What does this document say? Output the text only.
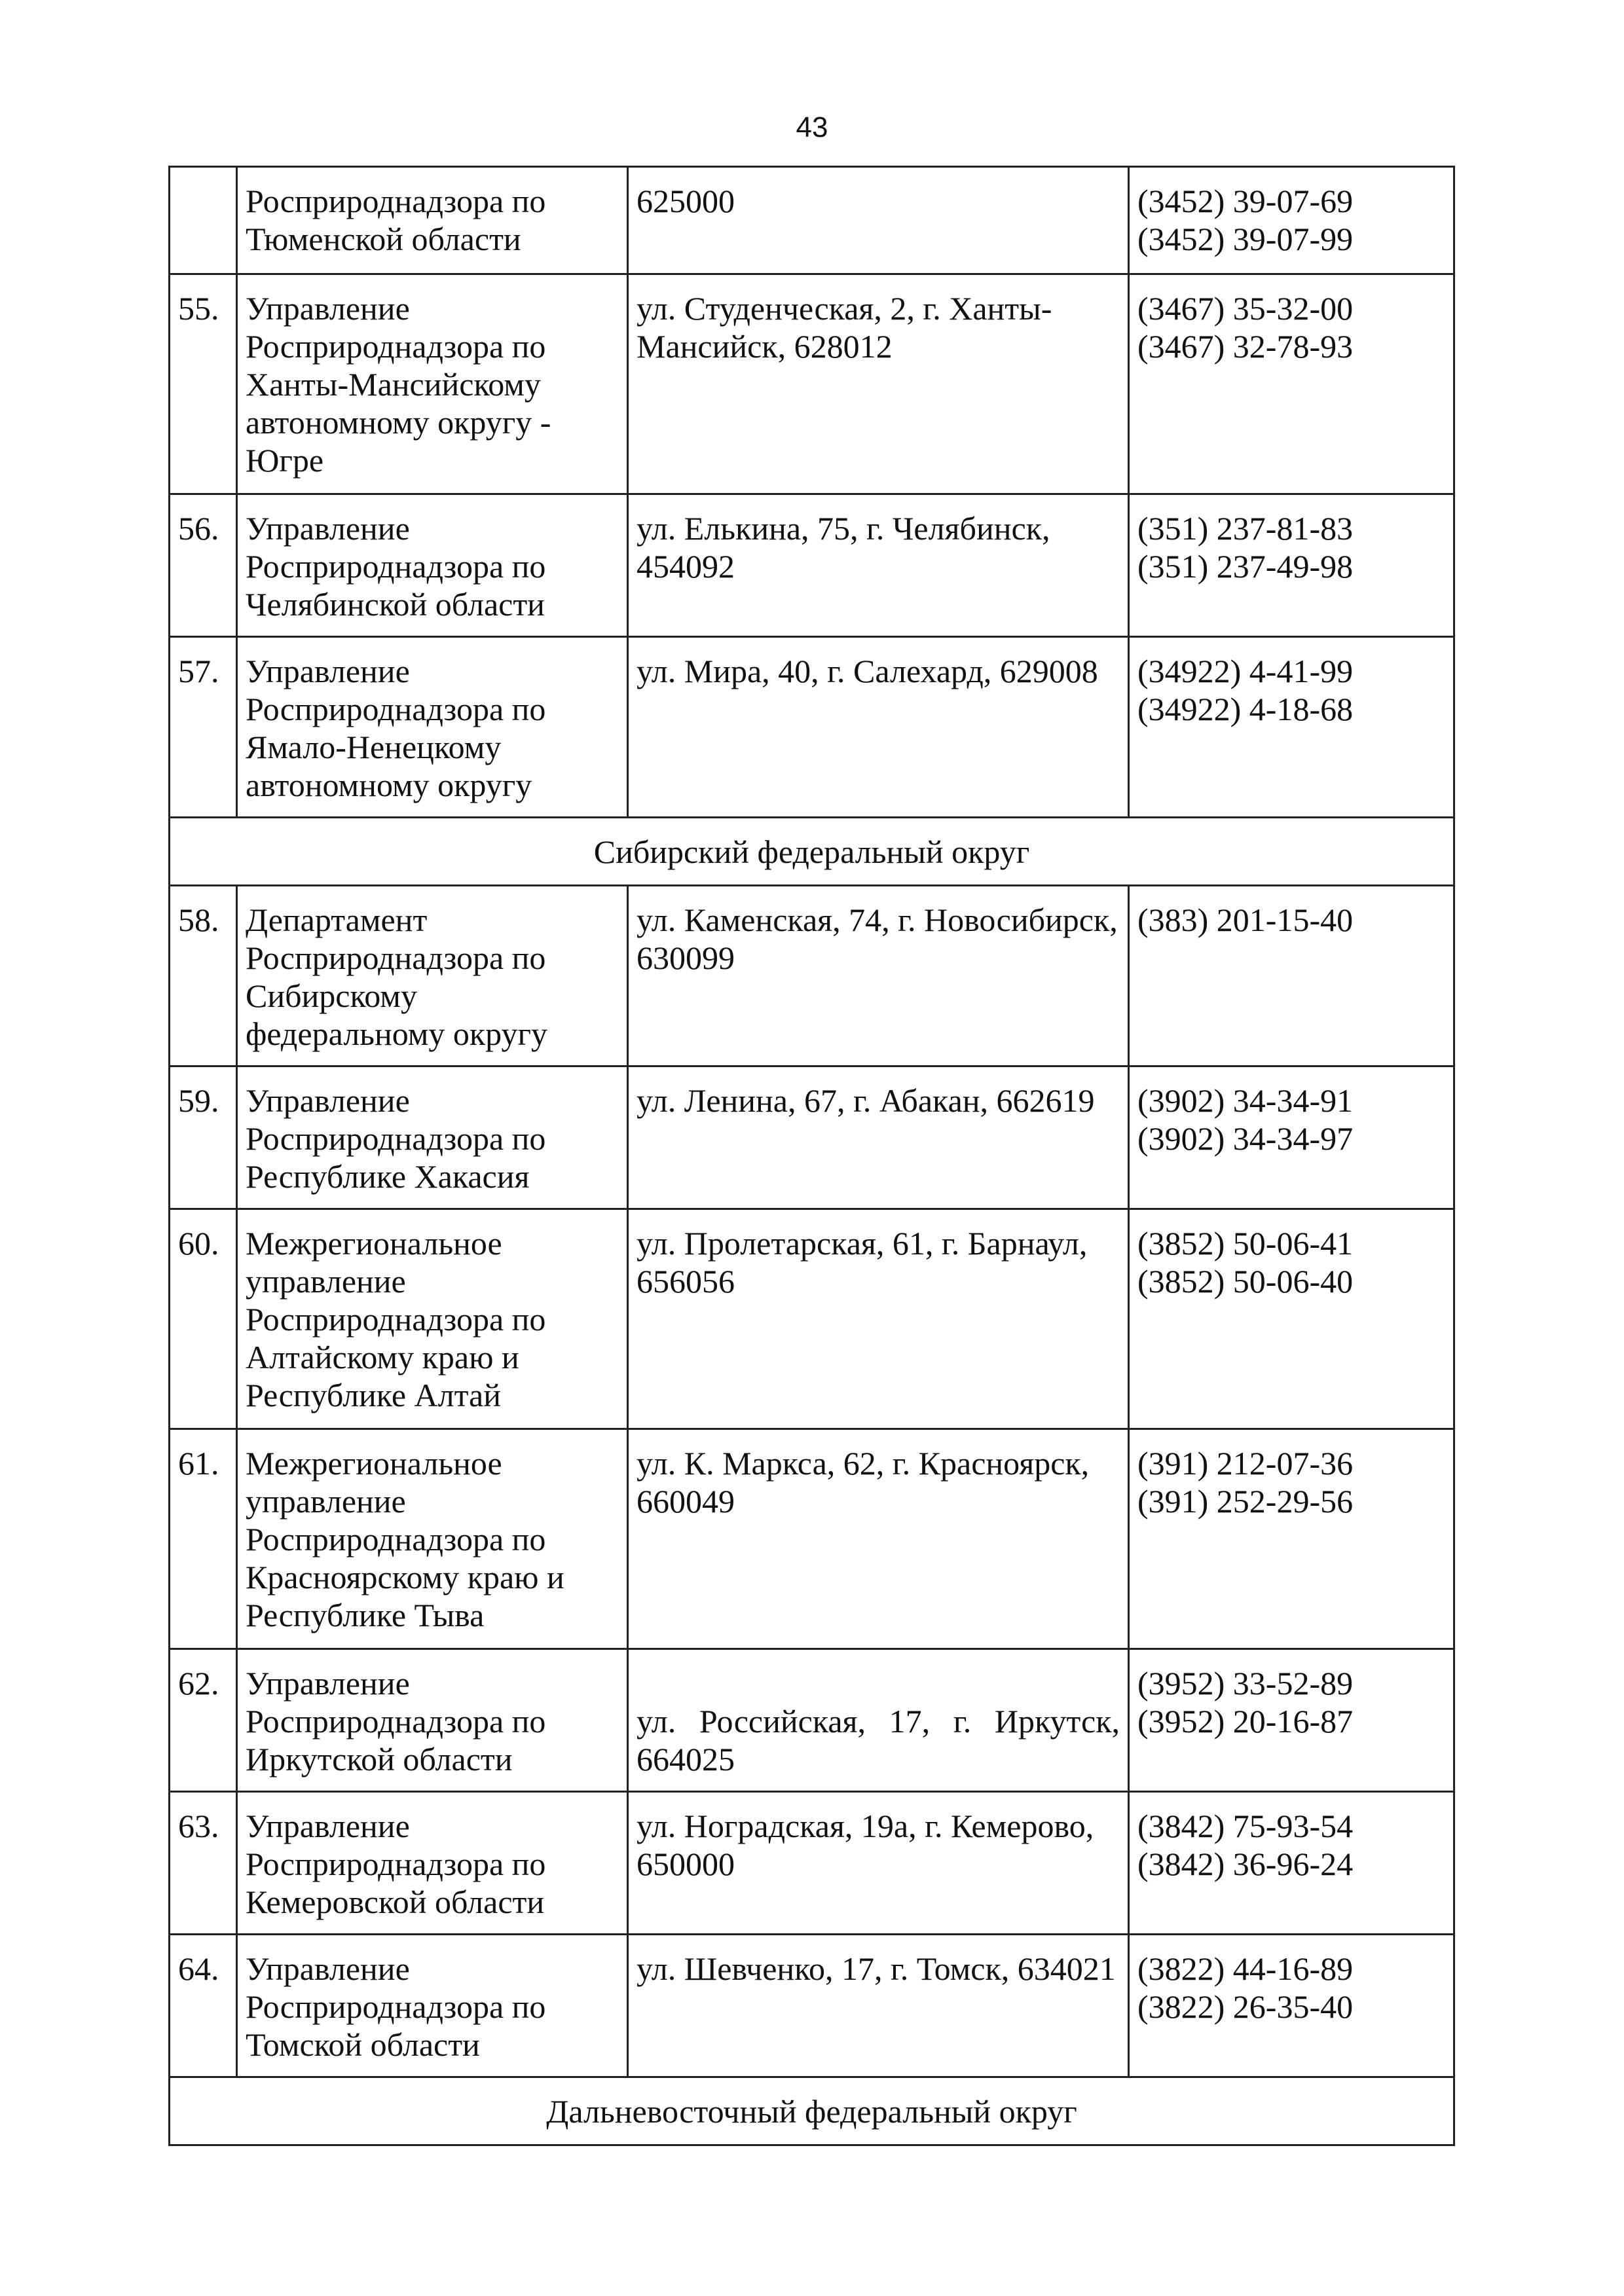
43
	Росприроднадзора по
Тюменской области	625000	(3452) 39-07-69
(3452) 39-07-99
55.	Управление
Росприроднадзора по
Ханты-Мансийскому
автономному округу -
Югре	ул. Студенческая, 2, г. Ханты-
Мансийск, 628012	(3467) 35-32-00
(3467) 32-78-93
56.	Управление
Росприроднадзора по
Челябинской области	ул. Елькина, 75, г. Челябинск,
454092	(351) 237-81-83
(351) 237-49-98
57.	Управление
Росприроднадзора по
Ямало-Ненецкому
автономному округу	ул. Мира, 40, г. Салехард, 629008	(34922) 4-41-99
(34922) 4-18-68
Сибирский федеральный округ			
58.	Департамент
Росприроднадзора по
Сибирскому
федеральному округу	ул. Каменская, 74, г. Новосибирск,
630099	(383) 201-15-40
59.	Управление
Росприроднадзора по
Республике Хакасия	ул. Ленина, 67, г. Абакан, 662619	(3902) 34-34-91
(3902) 34-34-97
60.	Межрегиональное
управление
Росприроднадзора по
Алтайскому краю и
Республике Алтай	ул. Пролетарская, 61, г. Барнаул,
656056	(3852) 50-06-41
(3852) 50-06-40
61.	Межрегиональное
управление
Росприроднадзора по
Красноярскому краю и
Республике Тыва	ул. К. Маркса, 62, г. Красноярск,
660049	(391) 212-07-36
(391) 252-29-56
62.	Управление
Росприроднадзора по
Иркутской области	ул. Российская, 17, г. Иркутск,
664025	(3952) 33-52-89
(3952) 20-16-87
63.	Управление
Росприроднадзора по
Кемеровской области	ул. Ноградская, 19а, г. Кемерово,
650000	(3842) 75-93-54
(3842) 36-96-24
64.	Управление
Росприроднадзора по
Томской области	ул. Шевченко, 17, г. Томск, 634021	(3822) 44-16-89
(3822) 26-35-40
Дальневосточный федеральный округ			
